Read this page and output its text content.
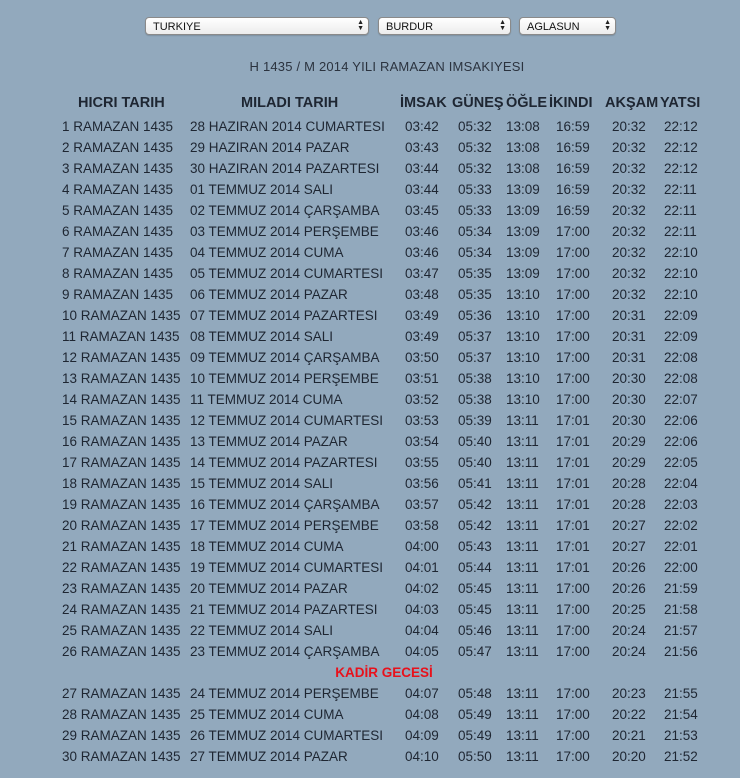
TURKIYE	▲
▼	BURDUR	▲
▼	AGLASUN	▲
▼
H 1435 / M 2014 YILI RAMAZAN IMSAKIYESI
HICRI TARIH	MILADI TARIH	İMSAK GÜNEŞ ÖĞLE İKINDI AKŞAM YATSI
1 RAMAZAN 1435 28 HAZIRAN 2014 CUMARTESI 03:42 05:32 13:08 16:59 20:32 22:12
2 RAMAZAN 1435 29 HAZIRAN 2014 PAZAR	03:43 05:32 13:08 16:59 20:32 22:12
3 RAMAZAN 1435 30 HAZIRAN 2014 PAZARTESI 03:44 05:32 13:08 16:59 20:32 22:12
4 RAMAZAN 1435 01 TEMMUZ 2014 SALI	03:44 05:33 13:09 16:59 20:32 22:11
5 RAMAZAN 1435 02 TEMMUZ 2014 ÇARŞAMBA 03:45 05:33 13:09 16:59 20:32 22:11
6 RAMAZAN 1435 03 TEMMUZ 2014 PERŞEMBE 03:46 05:34 13:09 17:00 20:32 22:11
7 RAMAZAN 1435 04 TEMMUZ 2014 CUMA	03:46 05:34 13:09 17:00 20:32 22:10
8 RAMAZAN 1435 05 TEMMUZ 2014 CUMARTESI 03:47 05:35 13:09 17:00 20:32 22:10
9 RAMAZAN 1435 06 TEMMUZ 2014 PAZAR	03:48 05:35 13:10 17:00 20:32 22:10
10 RAMAZAN 1435 07 TEMMUZ 2014 PAZARTESI 03:49 05:36 13:10 17:00 20:31 22:09
11 RAMAZAN 1435 08 TEMMUZ 2014 SALI	03:49 05:37 13:10 17:00 20:31 22:09
12 RAMAZAN 1435 09 TEMMUZ 2014 ÇARŞAMBA 03:50 05:37 13:10 17:00 20:31 22:08
13 RAMAZAN 1435 10 TEMMUZ 2014 PERŞEMBE 03:51 05:38 13:10 17:00 20:30 22:08
14 RAMAZAN 1435 11 TEMMUZ 2014 CUMA	03:52 05:38 13:10 17:00 20:30 22:07
15 RAMAZAN 1435 12 TEMMUZ 2014 CUMARTESI 03:53 05:39 13:11 17:01 20:30 22:06
16 RAMAZAN 1435 13 TEMMUZ 2014 PAZAR	03:54 05:40 13:11 17:01 20:29 22:06
17 RAMAZAN 1435 14 TEMMUZ 2014 PAZARTESI 03:55 05:40 13:11 17:01 20:29 22:05
18 RAMAZAN 1435 15 TEMMUZ 2014 SALI	03:56 05:41 13:11 17:01 20:28 22:04
19 RAMAZAN 1435 16 TEMMUZ 2014 ÇARŞAMBA 03:57 05:42 13:11 17:01 20:28 22:03
20 RAMAZAN 1435 17 TEMMUZ 2014 PERŞEMBE 03:58 05:42 13:11 17:01 20:27 22:02
21 RAMAZAN 1435 18 TEMMUZ 2014 CUMA	04:00 05:43 13:11 17:01 20:27 22:01
22 RAMAZAN 1435 19 TEMMUZ 2014 CUMARTESI 04:01 05:44 13:11 17:01 20:26 22:00
23 RAMAZAN 1435 20 TEMMUZ 2014 PAZAR	04:02 05:45 13:11 17:00 20:26 21:59
24 RAMAZAN 1435 21 TEMMUZ 2014 PAZARTESI 04:03 05:45 13:11 17:00 20:25 21:58
25 RAMAZAN 1435 22 TEMMUZ 2014 SALI	04:04 05:46 13:11 17:00 20:24 21:57
26 RAMAZAN 1435 23 TEMMUZ 2014 ÇARŞAMBA 04:05 05:47 13:11 17:00 20:24 21:56
KADİR GECESİ
27 RAMAZAN 1435 24 TEMMUZ 2014 PERŞEMBE 04:07 05:48 13:11 17:00 20:23 21:55
28 RAMAZAN 1435 25 TEMMUZ 2014 CUMA	04:08 05:49 13:11 17:00 20:22 21:54
29 RAMAZAN 1435 26 TEMMUZ 2014 CUMARTESI 04:09 05:49 13:11 17:00 20:21 21:53
30 RAMAZAN 1435 27 TEMMUZ 2014 PAZAR	04:10 05:50 13:11 17:00 20:20 21:52
